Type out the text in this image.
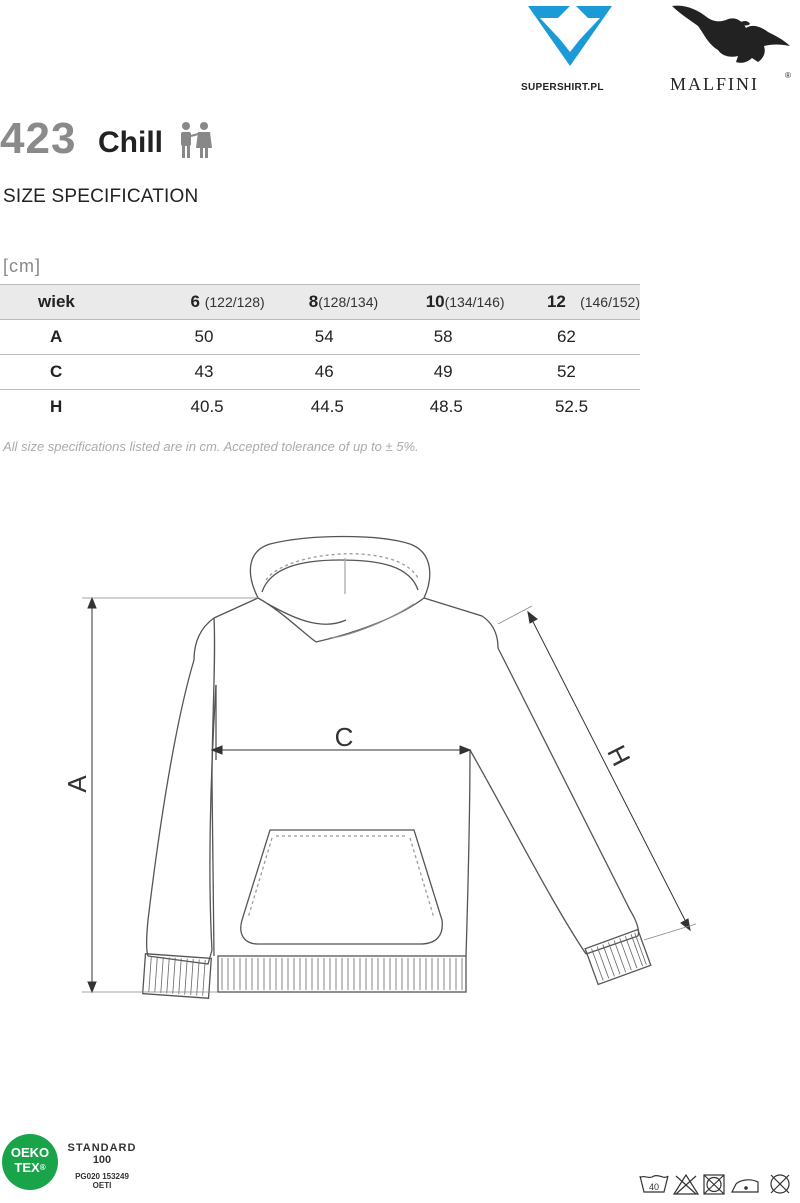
SUPERSHIRT.PL	MALFINI	®
423 Chill
SIZE SPECIFICATION
[cm]
wiek	6 (122/128)	8(128/134)	10(134/146)	12 (146/152)
A	50	54	58	62
C	43	46	49	52
H	40.5	44.5	48.5	52.5
All size specifications listed are in cm. Accepted tolerance of up to ± 5%.
A
C
H
OEKO
TEX®
STANDARD
100
PG020 153249
OETI	40
